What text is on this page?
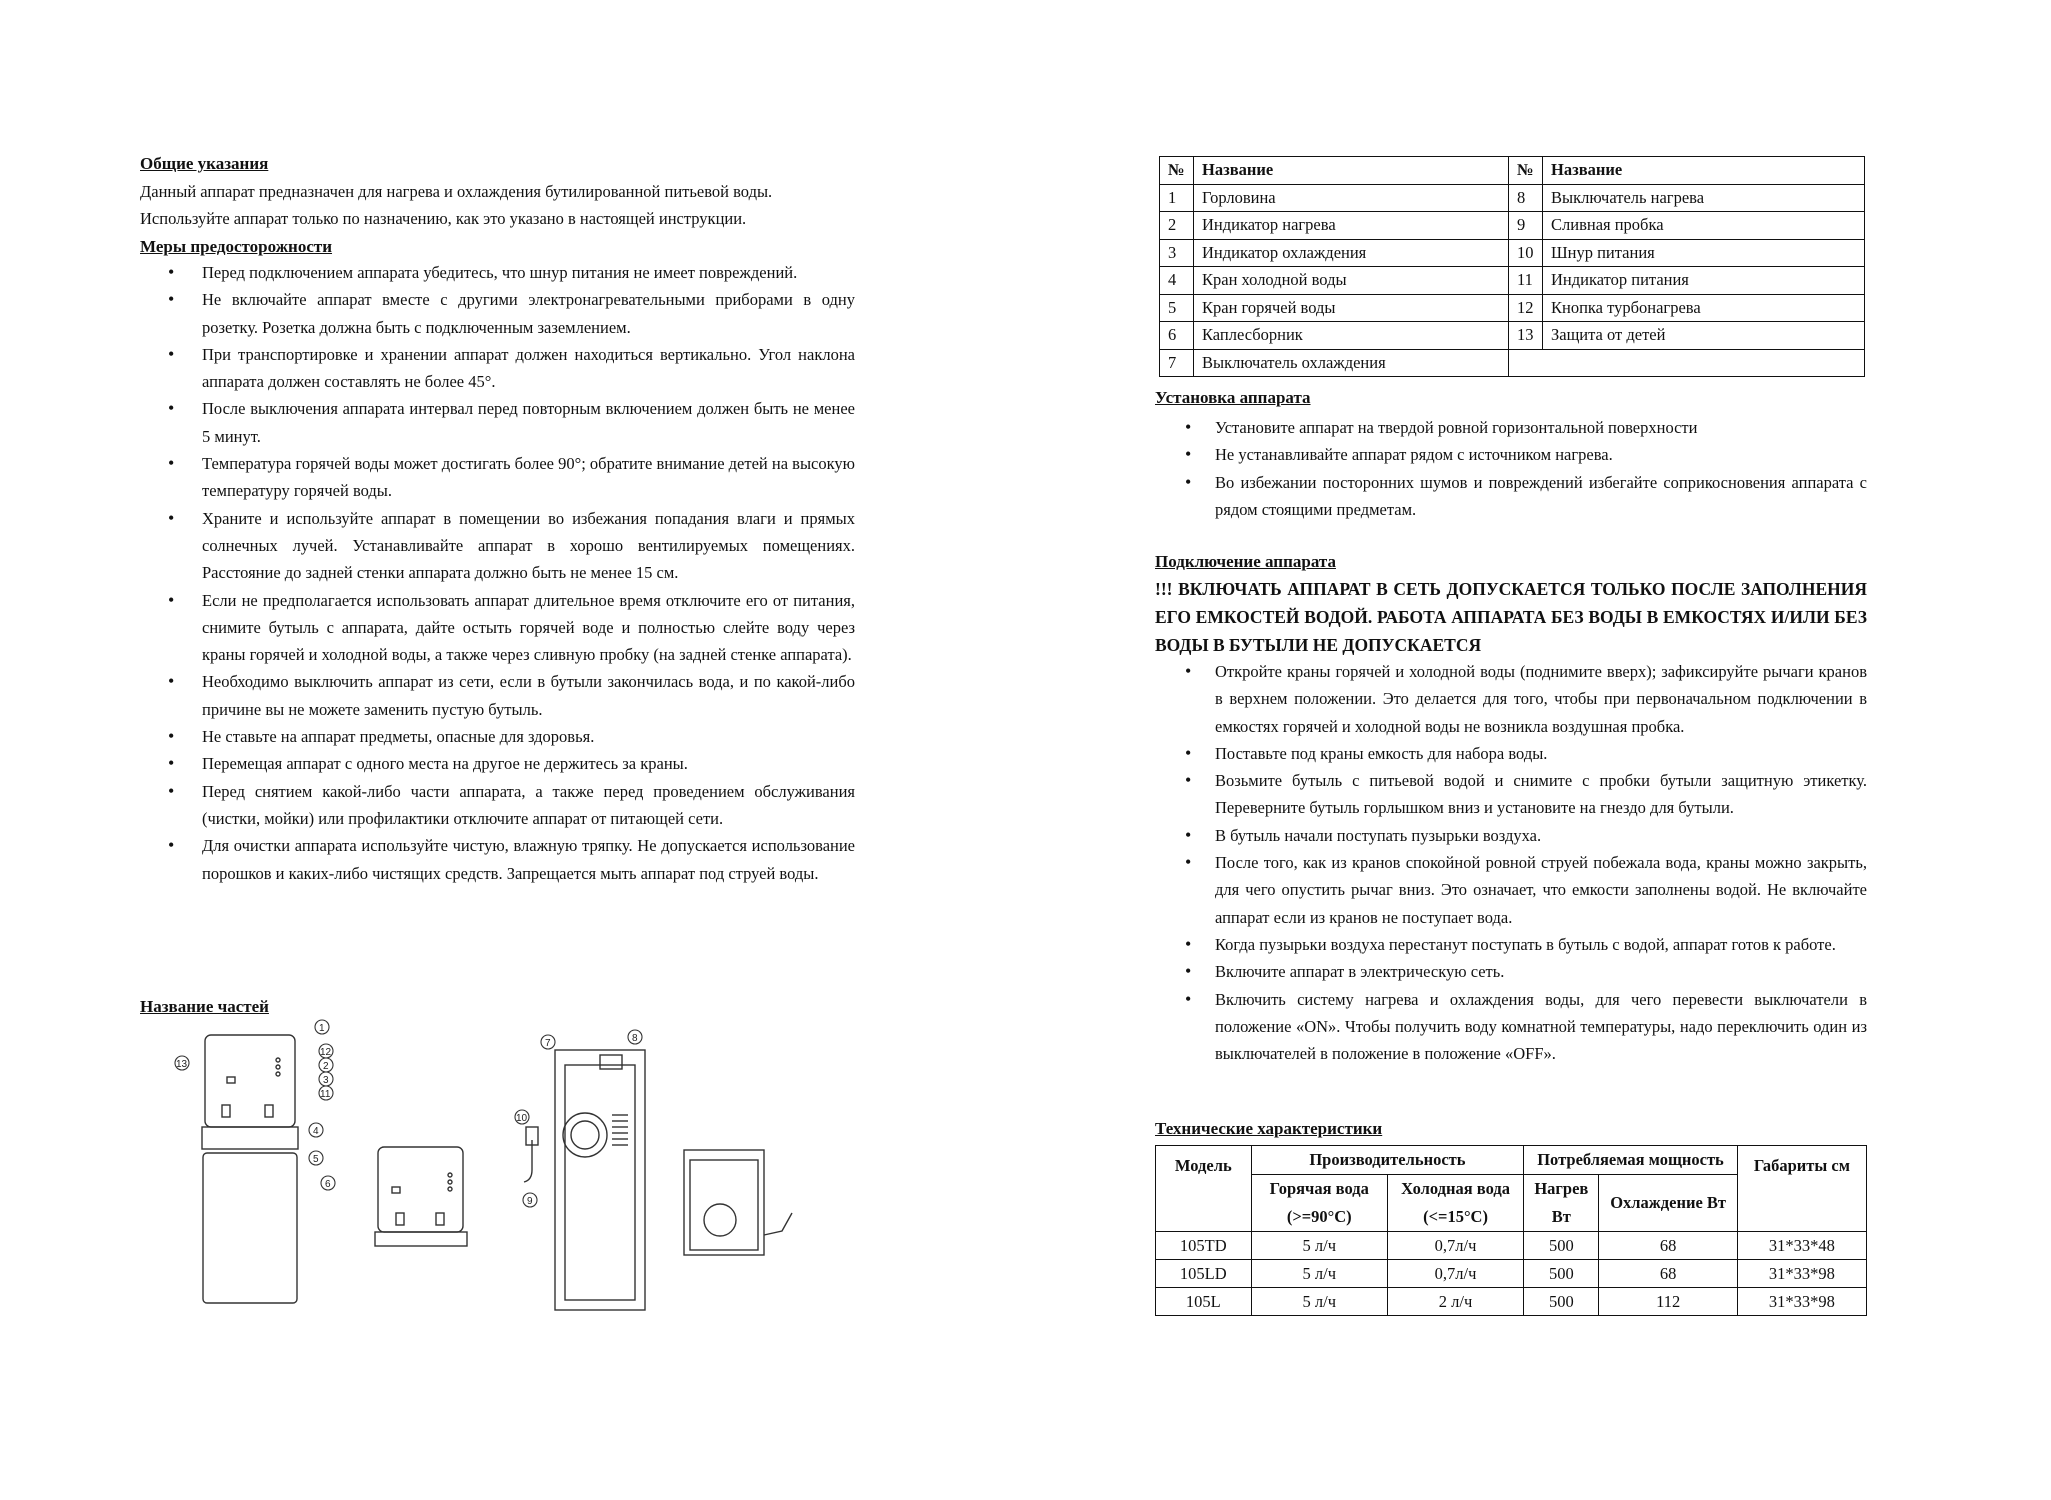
Общие указания

Данный аппарат предназначен для нагрева и охлаждения бутилированной питьевой воды.

Используйте аппарат только по назначению, как это указано в настоящей инструкции.

Меры предосторожности
• Перед подключением аппарата убедитесь, что шнур питания не имеет повреждений.
• Не включайте аппарат вместе с другими электронагревательными приборами в одну розетку. Розетка должна быть с подключенным заземлением.
• При транспортировке и хранении аппарат должен находиться вертикально. Угол наклона аппарата должен составлять не более 45°.
• После выключения аппарата интервал перед повторным включением должен быть не менее 5 минут.
• Температура горячей воды может достигать более 90°; обратите внимание детей на высокую температуру горячей воды.
• Храните и используйте аппарат в помещении во избежания попадания влаги и прямых солнечных лучей. Устанавливайте аппарат в хорошо вентилируемых помещениях. Расстояние до задней стенки аппарата должно быть не менее 15 см.
• Если не предполагается использовать аппарат длительное время отключите его от питания, снимите бутыль с аппарата, дайте остыть горячей воде и полностью слейте воду через краны горячей и холодной воды, а также через сливную пробку (на задней стенке аппарата).
• Необходимо выключить аппарат из сети, если в бутыли закончилась вода, и по какой-либо причине вы не можете заменить пустую бутыль.
• Не ставьте на аппарат предметы, опасные для здоровья.
• Перемещая аппарат с одного места на другое не держитесь за краны.
• Перед снятием какой-либо части аппарата, а также перед проведением обслуживания (чистки, мойки) или профилактики отключите аппарат от питающей сети.
• Для очистки аппарата используйте чистую, влажную тряпку. Не допускается использование порошков и каких-либо чистящих средств. Запрещается мыть аппарат под струей воды.
Название частей
1
12
2
3
11
13
4
5
6
7	8
9
10
№	Название	№	Название
1	Горловина	8	Выключатель нагрева
2	Индикатор нагрева	9	Сливная пробка
3	Индикатор охлаждения	10	Шнур питания
4	Кран холодной воды	11	Индикатор питания
5	Кран горячей воды	12	Кнопка турбонагрева
6	Каплесборник	13	Защита от детей
7	Выключатель охлаждения		
Установка аппарата
• Установите аппарат на твердой ровной горизонтальной поверхности
• Не устанавливайте аппарат рядом с источником нагрева.
• Во избежании посторонних шумов и повреждений избегайте соприкосновения аппарата с рядом стоящими предметам.
Подключение аппарата

!!! ВКЛЮЧАТЬ АППАРАТ В СЕТЬ ДОПУСКАЕТСЯ ТОЛЬКО ПОСЛЕ ЗАПОЛНЕНИЯ ЕГО ЕМКОСТЕЙ ВОДОЙ. РАБОТА АППАРАТА БЕЗ ВОДЫ В ЕМКОСТЯХ И/ИЛИ БЕЗ ВОДЫ В БУТЫЛИ НЕ ДОПУСКАЕТСЯ

• Откройте краны горячей и холодной воды (поднимите вверх); зафиксируйте рычаги кранов в верхнем положении. Это делается для того, чтобы при первоначальном подключении в емкостях горячей и холодной воды не возникла воздушная пробка.
• Поставьте под краны емкость для набора воды.
• Возьмите бутыль с питьевой водой и снимите с пробки бутыли защитную этикетку. Переверните бутыль горлышком вниз и установите на гнездо для бутыли.
• В бутыль начали поступать пузырьки воздуха.
• После того, как из кранов спокойной ровной струей побежала вода, краны можно закрыть, для чего опустить рычаг вниз. Это означает, что емкости заполнены водой. Не включайте аппарат если из кранов не поступает вода.
• Когда пузырьки воздуха перестанут поступать в бутыль с водой, аппарат готов к работе.
• Включите аппарат в электрическую сеть.
• Включить систему нагрева и охлаждения воды, для чего перевести выключатели в положение «ON». Чтобы получить воду комнатной температуры, надо переключить один из выключателей в положение в положение «OFF».
Технические характеристики
Модель	Производительность		Потребляемая мощность		Габариты см
	Горячая вода (>=90°C)	Холодная вода (<=15°C)	Нагрев Вт	Охлаждение Вт	
105TD	5 л/ч	0,7л/ч	500	68	31*33*48
105LD	5 л/ч	0,7л/ч	500	68	31*33*98
105L	5 л/ч	2 л/ч	500	112	31*33*98
